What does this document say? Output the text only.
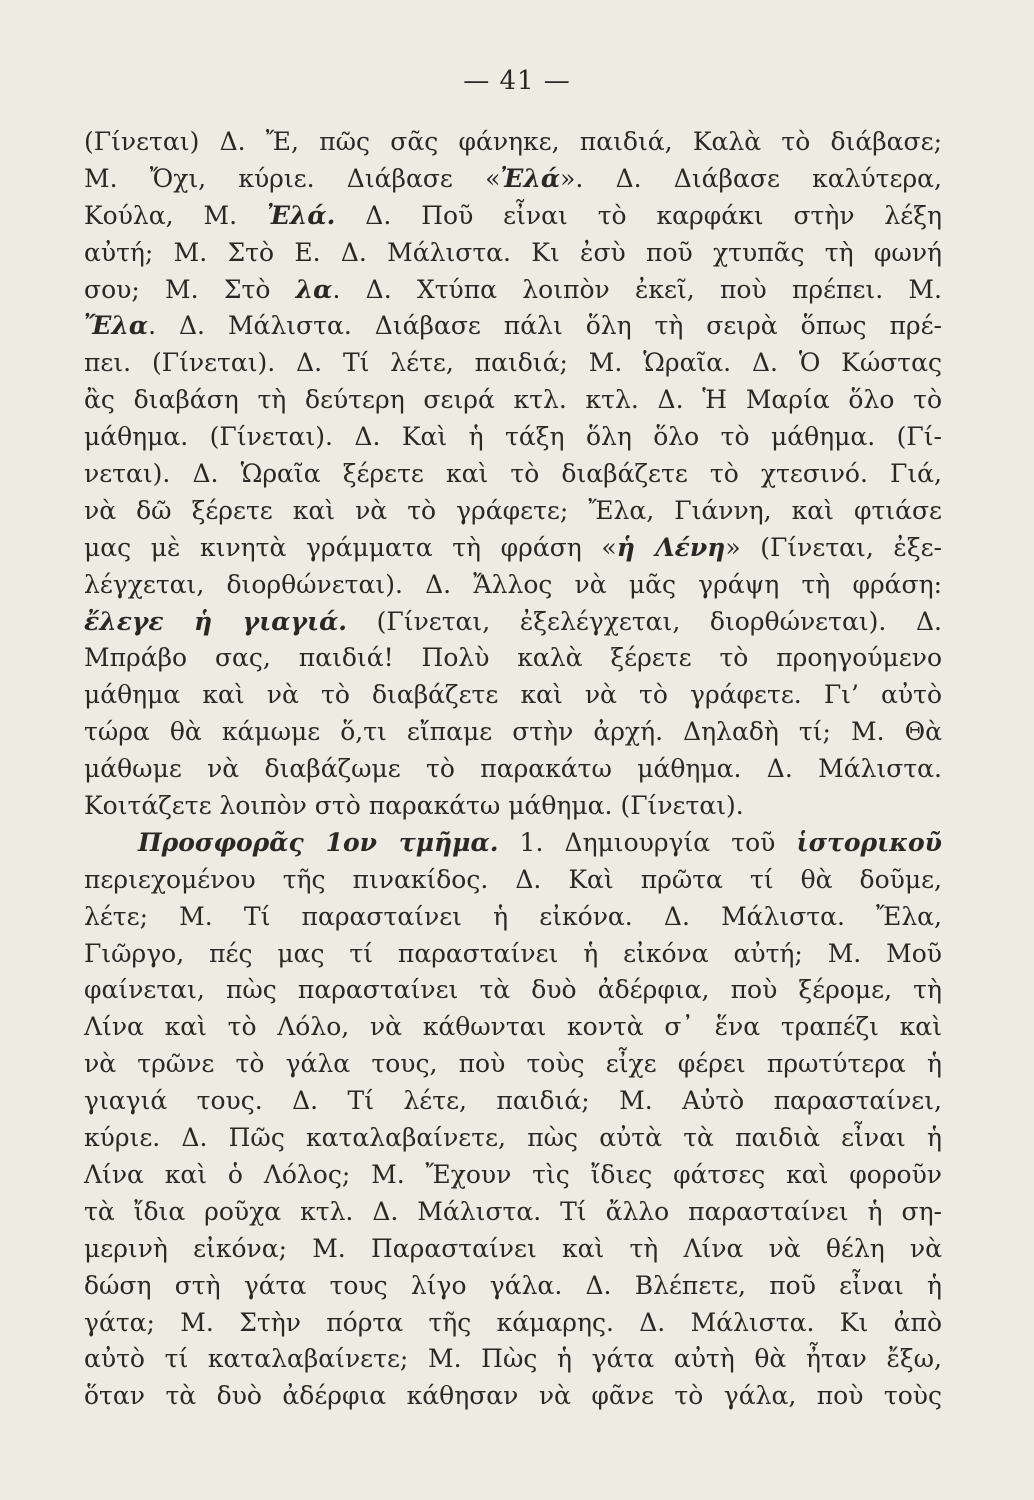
— 41 —
(Γίνεται) Δ. Ἔ, πῶς σᾶς φάνηκε, παιδιά, Καλὰ τὸ διάβασε;
Μ. Ὄχι, κύριε. Διάβασε «Ἐλά». Δ. Διάβασε καλύτερα,
Κούλα, Μ. Ἐλά. Δ. Ποῦ εἶναι τὸ καρφάκι στὴν λέξη
αὐτή; Μ. Στὸ Ε. Δ. Μάλιστα. Κι ἐσὺ ποῦ χτυπᾶς τὴ φωνή
σου; Μ. Στὸ λα. Δ. Χτύπα λοιπὸν ἐκεῖ, ποὺ πρέπει. Μ.
Ἔλα. Δ. Μάλιστα. Διάβασε πάλι ὅλη τὴ σειρὰ ὅπως πρέ-
πει. (Γίνεται). Δ. Τί λέτε, παιδιά; Μ. Ὡραῖα. Δ. Ὁ Κώστας
ἂς διαβάση τὴ δεύτερη σειρά κτλ. κτλ. Δ. Ἡ Μαρία ὅλο τὸ
μάθημα. (Γίνεται). Δ. Καὶ ἡ τάξη ὅλη ὅλο τὸ μάθημα. (Γί-
νεται). Δ. Ὡραῖα ξέρετε καὶ τὸ διαβάζετε τὸ χτεσινό. Γιά,
νὰ δῶ ξέρετε καὶ νὰ τὸ γράφετε; Ἔλα, Γιάννη, καὶ φτιάσε
μας μὲ κινητὰ γράμματα τὴ φράση «ἡ Λένη» (Γίνεται, ἐξε-
λέγχεται, διορθώνεται). Δ. Ἄλλος νὰ μᾶς γράψη τὴ φράση:
ἔλεγε ἡ γιαγιά. (Γίνεται, ἐξελέγχεται, διορθώνεται). Δ.
Μπράβο σας, παιδιά! Πολὺ καλὰ ξέρετε τὸ προηγούμενο
μάθημα καὶ νὰ τὸ διαβάζετε καὶ νὰ τὸ γράφετε. Γι’ αὐτὸ
τώρα θὰ κάμωμε ὅ,τι εἴπαμε στὴν ἀρχή. Δηλαδὴ τί; Μ. Θὰ
μάθωμε νὰ διαβάζωμε τὸ παρακάτω μάθημα. Δ. Μάλιστα.
Κοιτάζετε λοιπὸν στὸ παρακάτω μάθημα. (Γίνεται).
Προσφορᾶς 1ον τμῆμα. 1. Δημιουργία τοῦ ἱστορικοῦ
περιεχομένου τῆς πινακίδος. Δ. Καὶ πρῶτα τί θὰ δοῦμε,
λέτε; Μ. Τί παρασταίνει ἡ εἰκόνα. Δ. Μάλιστα. Ἔλα,
Γιῶργο, πές μας τί παρασταίνει ἡ εἰκόνα αὐτή; Μ. Μοῦ
φαίνεται, πὼς παρασταίνει τὰ δυὸ ἀδέρφια, ποὺ ξέρομε, τὴ
Λίνα καὶ τὸ Λόλο, νὰ κάθωνται κοντὰ σ᾽ ἕνα τραπέζι καὶ
νὰ τρῶνε τὸ γάλα τους, ποὺ τοὺς εἶχε φέρει πρωτύτερα ἡ
γιαγιά τους. Δ. Τί λέτε, παιδιά; Μ. Αὐτὸ παρασταίνει,
κύριε. Δ. Πῶς καταλαβαίνετε, πὼς αὐτὰ τὰ παιδιὰ εἶναι ἡ
Λίνα καὶ ὁ Λόλος; Μ. Ἔχουν τὶς ἴδιες φάτσες καὶ φοροῦν
τὰ ἴδια ροῦχα κτλ. Δ. Μάλιστα. Τί ἄλλο παρασταίνει ἡ ση-
μερινὴ εἰκόνα; Μ. Παρασταίνει καὶ τὴ Λίνα νὰ θέλη νὰ
δώση στὴ γάτα τους λίγο γάλα. Δ. Βλέπετε, ποῦ εἶναι ἡ
γάτα; Μ. Στὴν πόρτα τῆς κάμαρης. Δ. Μάλιστα. Κι ἀπὸ
αὐτὸ τί καταλαβαίνετε; Μ. Πὼς ἡ γάτα αὐτὴ θὰ ἦταν ἔξω,
ὅταν τὰ δυὸ ἀδέρφια κάθησαν νὰ φᾶνε τὸ γάλα, ποὺ τοὺς
